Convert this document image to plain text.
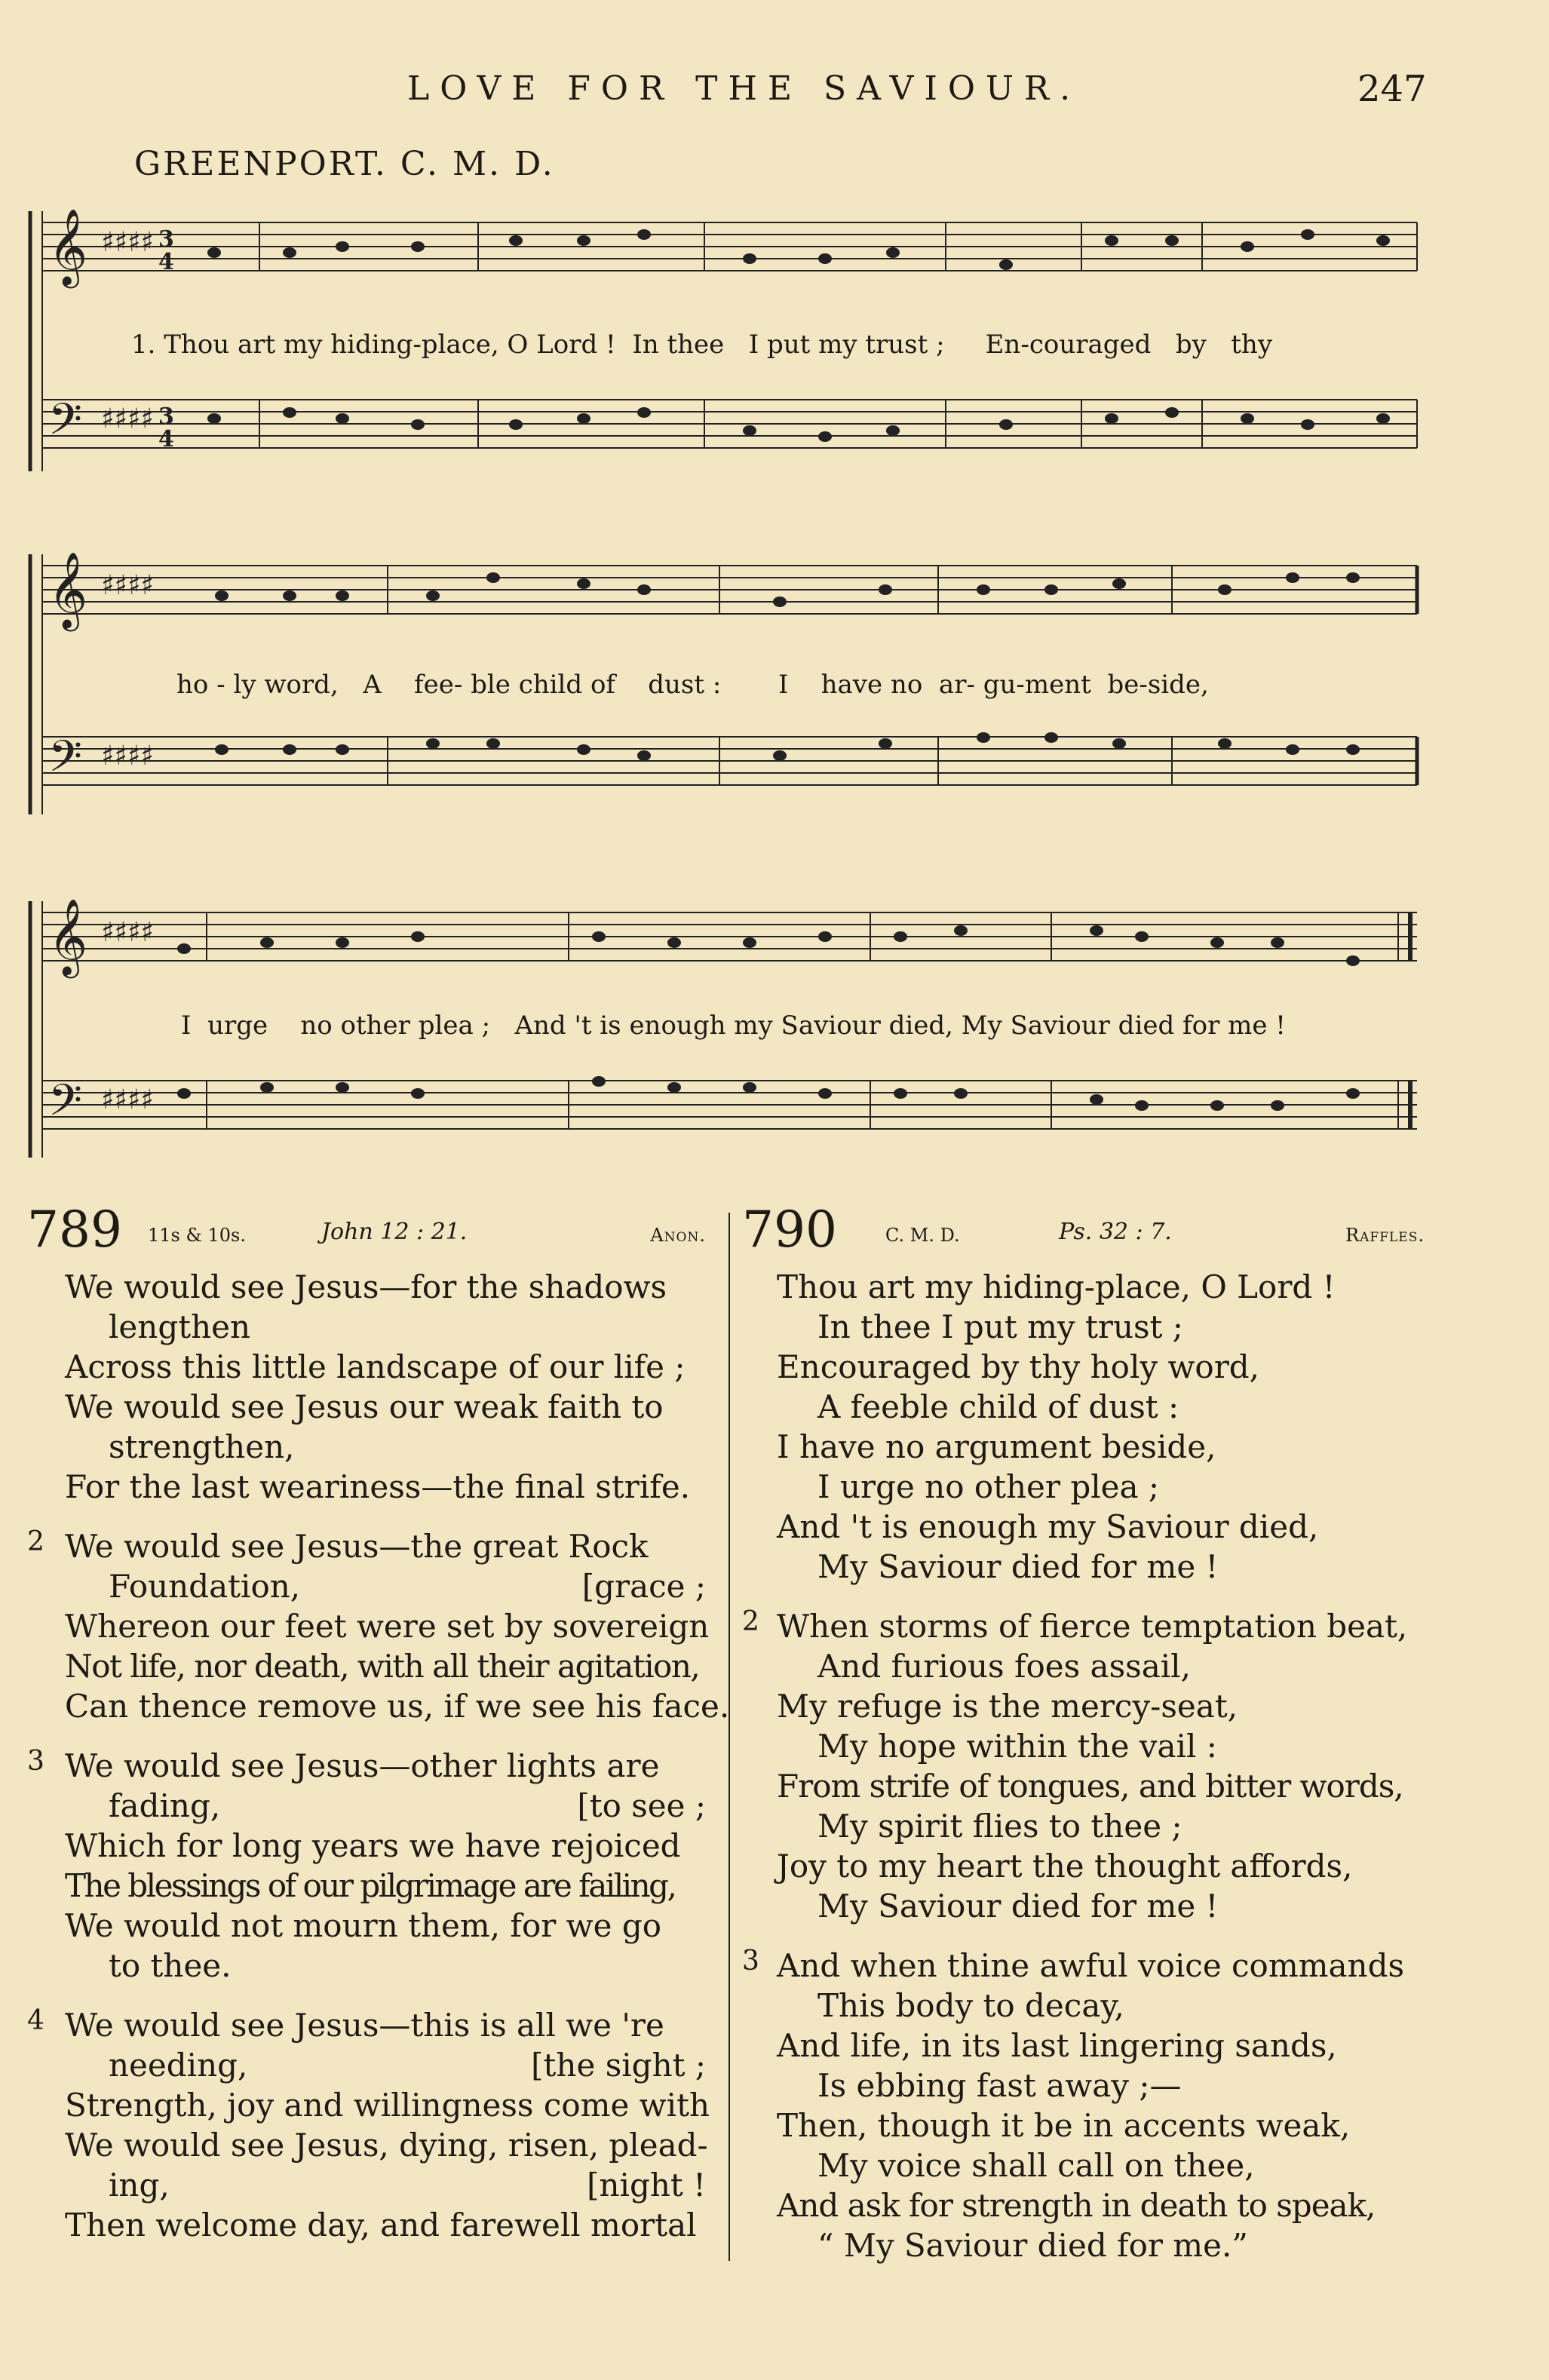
LOVE FOR THE SAVIOUR.	247
GREENPORT. C. M. D.
𝄞
𝄢
♯♯♯♯
♯♯♯♯
3
4
3
4
1. Thou art my hiding-place, O Lord ! In thee I put my trust ; En-couraged by thy
𝄞
𝄢
♯♯♯♯
♯♯♯♯
ho - ly word, A fee- ble child of dust : I have no ar- gu-ment be-side,
𝄞
𝄢
♯♯♯♯
♯♯♯♯
I urge no other plea ; And 't is enough my Saviour died, My Saviour died for me !
789 11s & 10s.	John 12 : 21.	Anon.
We would see Jesus—for the shadows
lengthen
Across this little landscape of our life ;
We would see Jesus our weak faith to
strengthen,
For the last weariness—the final strife.
2 We would see Jesus—the great Rock
Foundation,	[grace ;
Whereon our feet were set by sovereign
Not life, nor death, with all their agitation,
Can thence remove us, if we see his face.
3 We would see Jesus—other lights are
fading,	[to see ;
Which for long years we have rejoiced
The blessings of our pilgrimage are failing,
We would not mourn them, for we go
to thee.
4 We would see Jesus—this is all we 're
needing,	[the sight ;
Strength, joy and willingness come with
We would see Jesus, dying, risen, plead-
ing,	[night !
Then welcome day, and farewell mortal
790	C. M. D.	Ps. 32 : 7.	Raffles.
Thou art my hiding-place, O Lord !
In thee I put my trust ;
Encouraged by thy holy word,
A feeble child of dust :
I have no argument beside,
I urge no other plea ;
And 't is enough my Saviour died,
My Saviour died for me !
2 When storms of fierce temptation beat,
And furious foes assail,
My refuge is the mercy-seat,
My hope within the vail :
From strife of tongues, and bitter words,
My spirit flies to thee ;
Joy to my heart the thought affords,
My Saviour died for me !
3 And when thine awful voice commands
This body to decay,
And life, in its last lingering sands,
Is ebbing fast away ;—
Then, though it be in accents weak,
My voice shall call on thee,
And ask for strength in death to speak,
“ My Saviour died for me.”
